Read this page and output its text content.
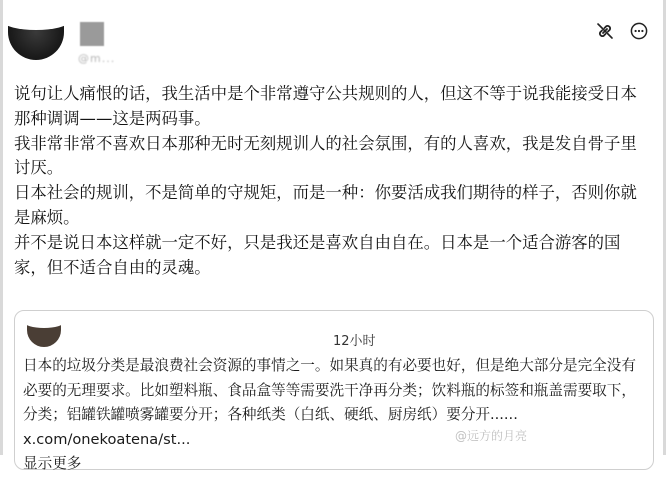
@m...

说句让人痛恨的话，我生活中是个非常遵守公共规则的人，但这不等于说我能接受日本那种调调——这是两码事。

我非常非常不喜欢日本那种无时无刻规训人的社会氛围，有的人喜欢，我是发自骨子里讨厌。

日本社会的规训，不是简单的守规矩，而是一种：你要活成我们期待的样子，否则你就是麻烦。

并不是说日本这样就一定不好，只是我还是喜欢自由自在。日本是一个适合游客的国家，但不适合自由的灵魂。

12小时

日本的垃圾分类是最浪费社会资源的事情之一。如果真的有必要也好，但是绝大部分是完全没有必要的无理要求。比如塑料瓶、食品盒等等需要洗干净再分类；饮料瓶的标签和瓶盖需要取下，分类；铝罐铁罐喷雾罐要分开；各种纸类（白纸、硬纸、厨房纸）要分开...... x.com/onekoatena/st...

显示更多

@远方的月亮
